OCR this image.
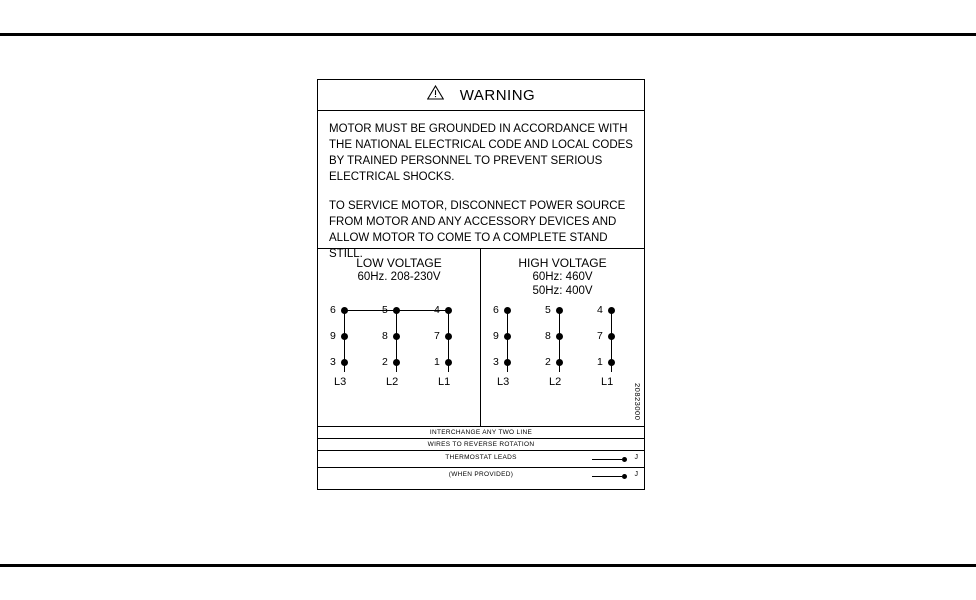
WARNING

MOTOR MUST BE GROUNDED IN ACCORDANCE WITH THE NATIONAL ELECTRICAL CODE AND LOCAL CODES BY TRAINED PERSONNEL TO PREVENT SERIOUS ELECTRICAL SHOCKS.

TO SERVICE MOTOR, DISCONNECT POWER SOURCE FROM MOTOR AND ANY ACCESSORY DEVICES AND ALLOW MOTOR TO COME TO A COMPLETE STAND STILL.

LOW VOLTAGE
60Hz. 208-230V
6	5	4
9	8	7
3	2	1
L3	L2	L1
HIGH VOLTAGE
60Hz: 460V
50Hz: 400V
6	5	4
9	8	7
3	2	1
L3	L2	L1
20823000
INTERCHANGE ANY TWO LINE
WIRES TO REVERSE ROTATION
THERMOSTAT LEADS	J
(WHEN PROVIDED)	J
